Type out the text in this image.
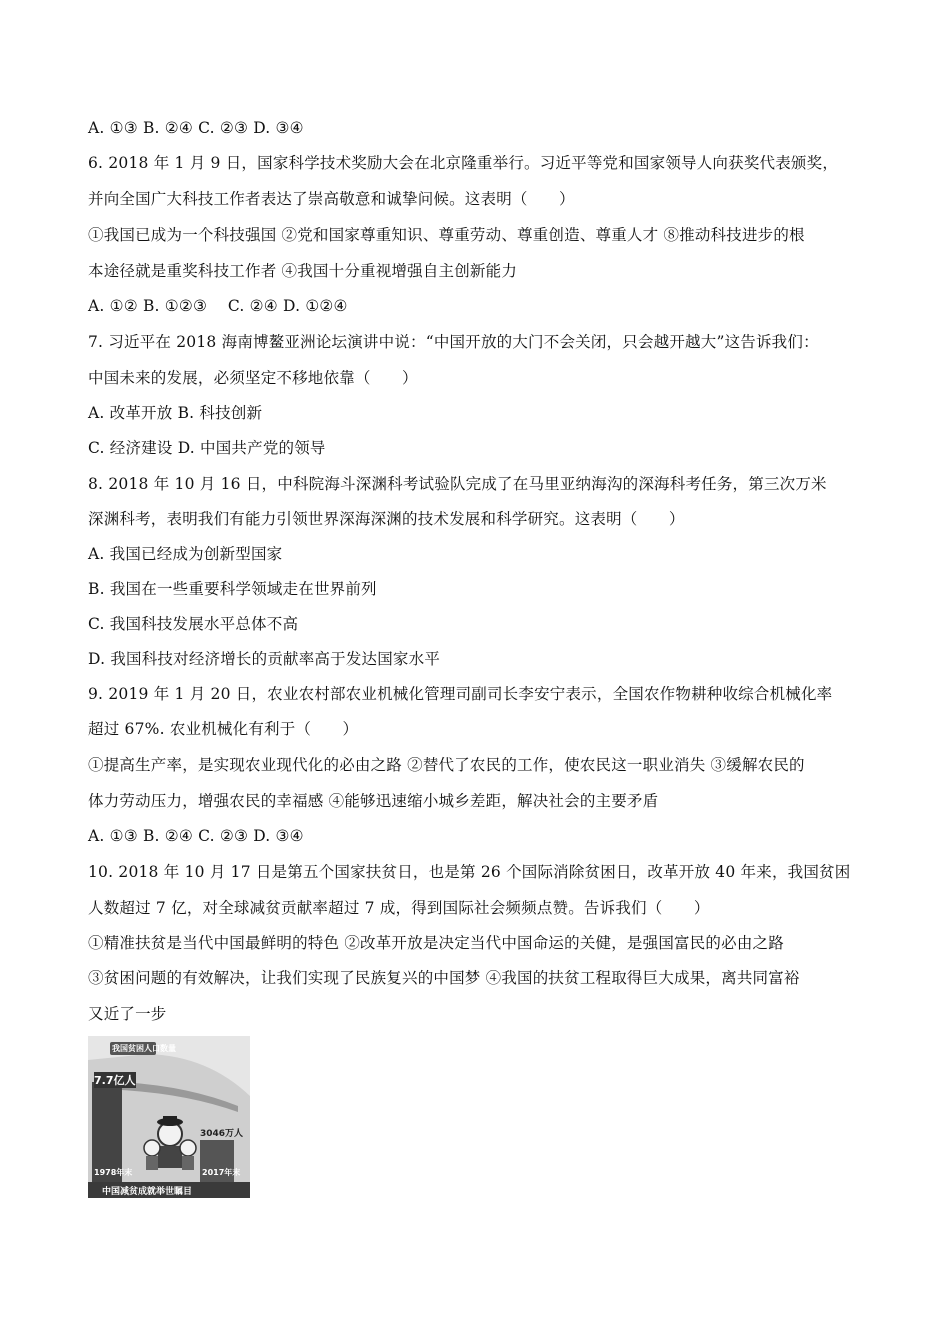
A. ①③ B. ②④ C. ②③ D. ③④
6. 2018 年 1 月 9 日，国家科学技术奖励大会在北京隆重举行。习近平等党和国家领导人向获奖代表颁奖，
并向全国广大科技工作者表达了崇高敬意和诚挚问候。这表明（　　）
①我国已成为一个科技强国 ②党和国家尊重知识、尊重劳动、尊重创造、尊重人才 ⑧推动科技进步的根
本途径就是重奖科技工作者 ④我国十分重视增强自主创新能力
A. ①② B. ①②③　 C. ②④ D. ①②④
7. 习近平在 2018 海南博鳌亚洲论坛演讲中说：“中国开放的大门不会关闭，只会越开越大”这告诉我们：
中国未来的发展，必须坚定不移地依靠（　　）
A. 改革开放 B. 科技创新
C. 经济建设 D. 中国共产党的领导
8. 2018 年 10 月 16 日，中科院海斗深渊科考试验队完成了在马里亚纳海沟的深海科考任务，第三次万米
深渊科考，表明我们有能力引领世界深海深渊的技术发展和科学研究。这表明（　　）
A. 我国已经成为创新型国家
B. 我国在一些重要科学领域走在世界前列
C. 我国科技发展水平总体不高
D. 我国科技对经济增长的贡献率高于发达国家水平
9. 2019 年 1 月 20 日，农业农村部农业机械化管理司副司长李安宁表示，全国农作物耕种收综合机械化率
超过 67%. 农业机械化有利于（　　）
①提高生产率，是实现农业现代化的必由之路 ②替代了农民的工作，使农民这一职业消失 ③缓解农民的
体力劳动压力，增强农民的幸福感 ④能够迅速缩小城乡差距，解决社会的主要矛盾
A. ①③ B. ②④ C. ②③ D. ③④
10. 2018 年 10 月 17 日是第五个国家扶贫日，也是第 26 个国际消除贫困日，改革开放 40 年来，我国贫困
人数超过 7 亿，对全球减贫贡献率超过 7 成，得到国际社会频频点赞。告诉我们（　　）
①精准扶贫是当代中国最鲜明的特色 ②改革开放是决定当代中国命运的关健，是强国富民的必由之路
③贫困问题的有效解决，让我们实现了民族复兴的中国梦 ④我国的扶贫工程取得巨大成果，离共同富裕
又近了一步
我国贫困人口数量
7.7亿人
3046万人
1978年末	2017年末
中国减贫成就举世瞩目
